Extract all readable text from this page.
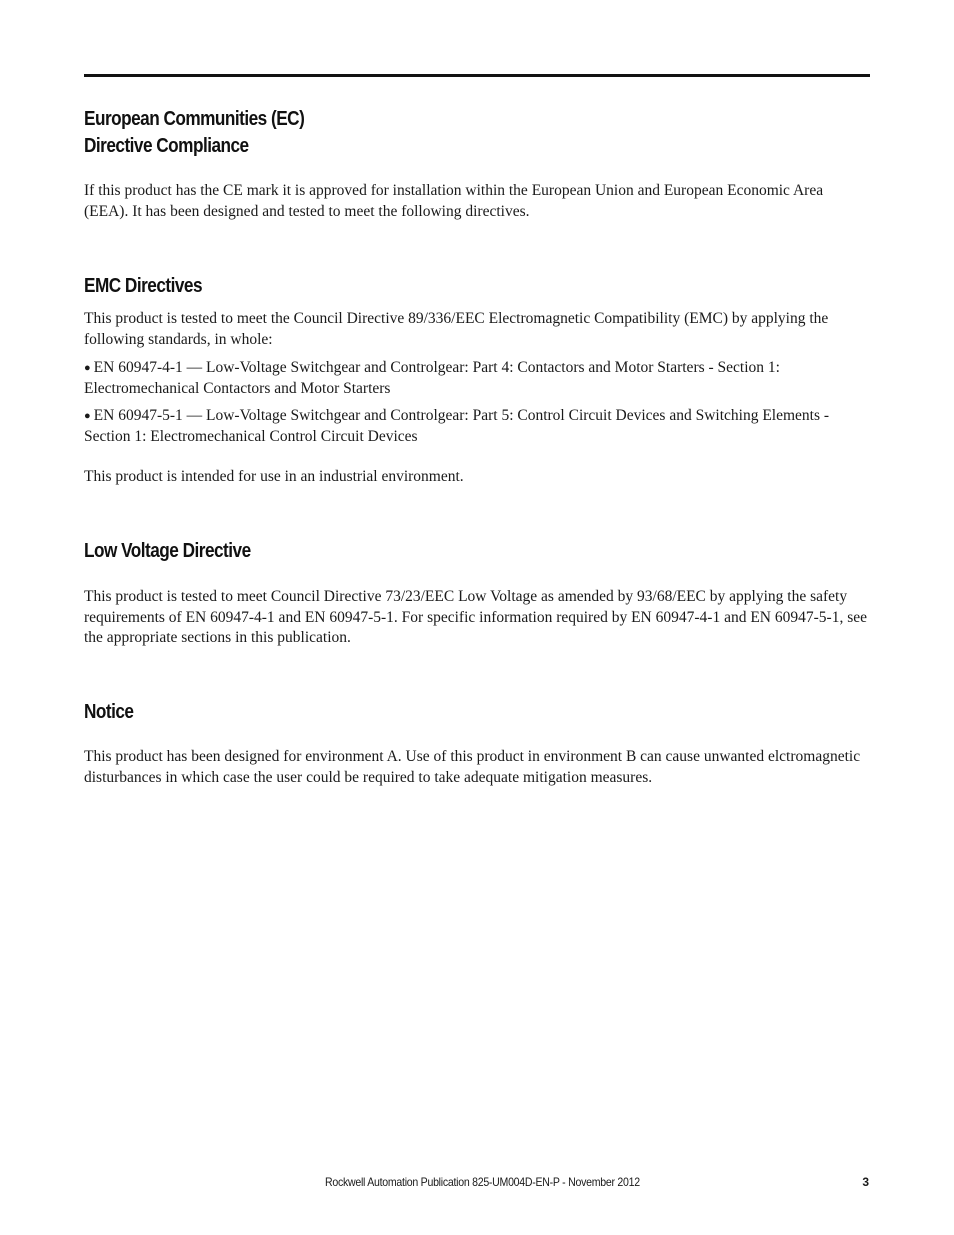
European Communities (EC)
Directive Compliance

If this product has the CE mark it is approved for installation within the European Union and European Economic Area (EEA). It has been designed and tested to meet the following directives.

EMC Directives

This product is tested to meet the Council Directive 89/336/EEC Electromagnetic Compatibility (EMC) by applying the following standards, in whole:

● EN 60947-4-1 — Low-Voltage Switchgear and Controlgear: Part 4: Contactors and Motor Starters - Section 1: Electromechanical Contactors and Motor Starters

● EN 60947-5-1 — Low-Voltage Switchgear and Controlgear: Part 5: Control Circuit Devices and Switching Elements - Section 1: Electromechanical Control Circuit Devices

This product is intended for use in an industrial environment.

Low Voltage Directive

This product is tested to meet Council Directive 73/23/EEC Low Voltage as amended by 93/68/EEC by applying the safety requirements of EN 60947-4-1 and EN 60947-5-1. For specific information required by EN 60947-4-1 and EN 60947-5-1, see the appropriate sections in this publication.

Notice

This product has been designed for environment A. Use of this product in environment B can cause unwanted elctromagnetic disturbances in which case the user could be required to take adequate mitigation measures.

Rockwell Automation Publication 825-UM004D-EN-P - November 2012	3
